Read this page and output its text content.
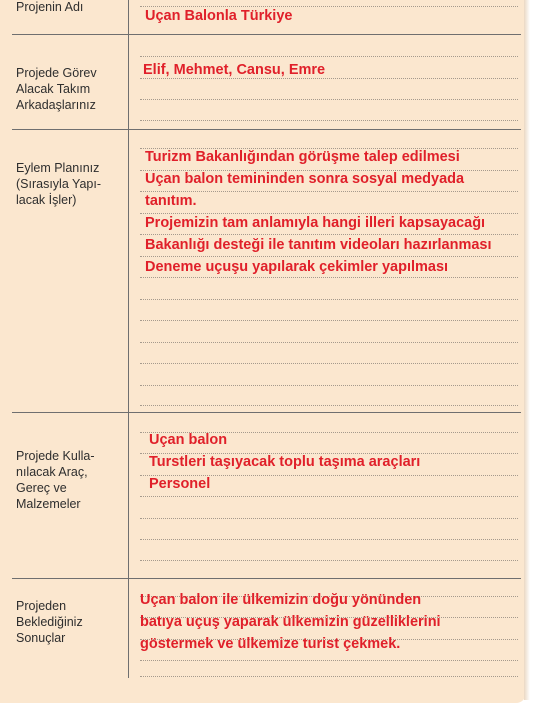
Projenin Adı
Projede Görev Alacak Takım Arkadaşlarınız
Eylem Planınız (Sırasıyla Yapı- lacak İşler)
Projede Kulla- nılacak Araç, Gereç ve Malzemeler
Projeden Beklediğiniz Sonuçlar
Uçan Balonla Türkiye
Elif, Mehmet, Cansu, Emre
Turizm Bakanlığından görüşme talep edilmesi
Uçan balon temininden sonra sosyal medyada
tanıtım.
Projemizin tam anlamıyla hangi illeri kapsayacağı
Bakanlığı desteği ile tanıtım videoları hazırlanması
Deneme uçuşu yapılarak çekimler yapılması
Uçan balon
Turstleri taşıyacak toplu taşıma araçları
Personel
Uçan balon ile ülkemizin doğu yönünden
batıya uçuş yaparak ülkemizin güzelliklerini
göstermek ve ülkemize turist çekmek.
